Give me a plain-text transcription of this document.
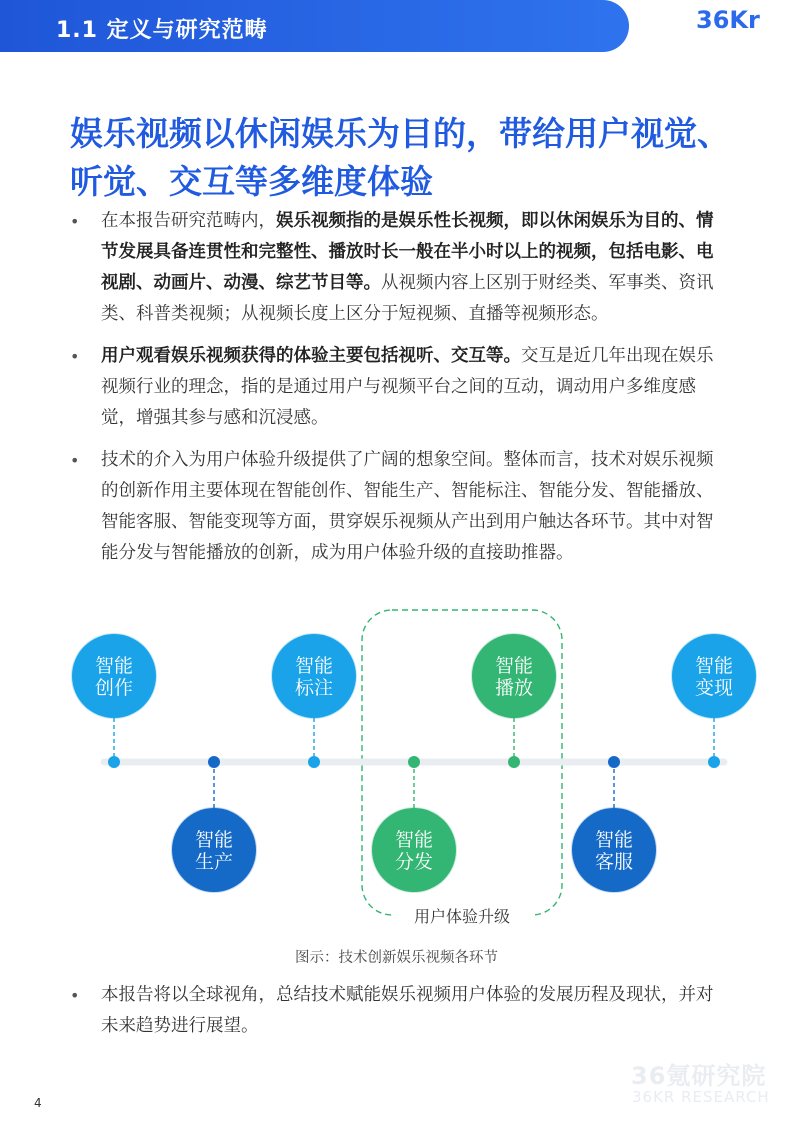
1.1 定义与研究范畴	36Kr
娱乐视频以休闲娱乐为目的，带给用户视觉、听觉、交互等多维度体验
• 在本报告研究范畴内，娱乐视频指的是娱乐性长视频，即以休闲娱乐为目的、情节发展具备连贯性和完整性、播放时长一般在半小时以上的视频，包括电影、电视剧、动画片、动漫、综艺节目等。从视频内容上区别于财经类、军事类、资讯类、科普类视频；从视频长度上区分于短视频、直播等视频形态。
• 用户观看娱乐视频获得的体验主要包括视听、交互等。交互是近几年出现在娱乐视频行业的理念，指的是通过用户与视频平台之间的互动，调动用户多维度感觉，增强其参与感和沉浸感。
• 技术的介入为用户体验升级提供了广阔的想象空间。整体而言，技术对娱乐视频的创新作用主要体现在智能创作、智能生产、智能标注、智能分发、智能播放、智能客服、智能变现等方面，贯穿娱乐视频从产出到用户触达各环节。其中对智能分发与智能播放的创新，成为用户体验升级的直接助推器。
用户体验升级
智能
创作
智能
生产
智能
标注
智能
分发
智能
播放
智能
客服
智能
变现
图示：技术创新娱乐视频各环节
• 本报告将以全球视角，总结技术赋能娱乐视频用户体验的发展历程及现状，并对未来趋势进行展望。
36氪研究院
36KR RESEARCH
4
